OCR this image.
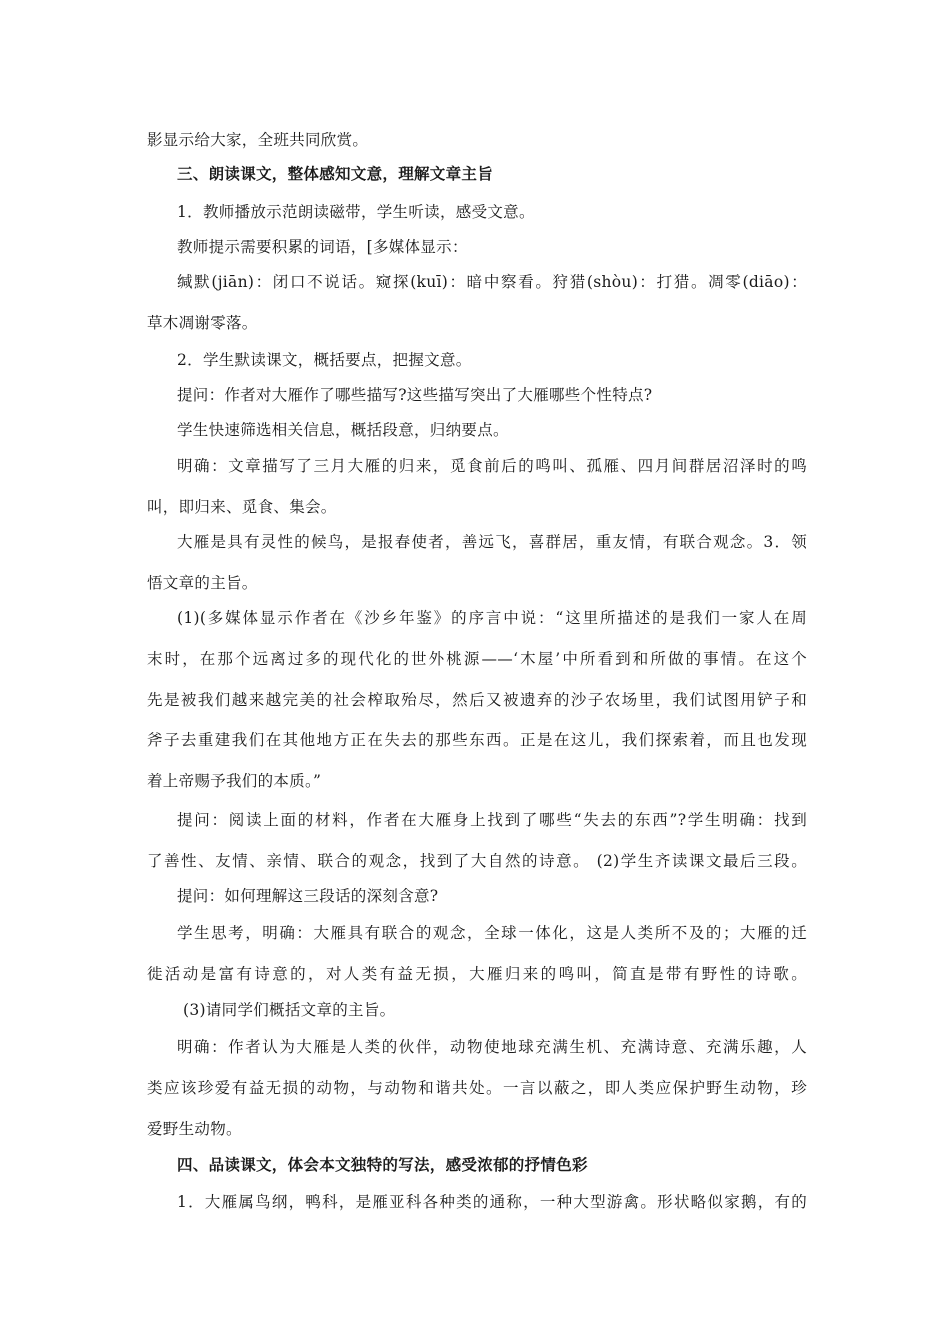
影显示给大家，全班共同欣赏。
三、朗读课文，整体感知文意，理解文章主旨
1．教师播放示范朗读磁带，学生听读，感受文意。
教师提示需要积累的词语，[多媒体显示：
缄默(jiān)：闭口不说话。窥探(kuī)：暗中察看。狩猎(shòu)：打猎。凋零(diāo)：
草木凋谢零落。
2．学生默读课文，概括要点，把握文意。
提问：作者对大雁作了哪些描写?这些描写突出了大雁哪些个性特点?
学生快速筛选相关信息，概括段意，归纳要点。
明确：文章描写了三月大雁的归来，觅食前后的鸣叫、孤雁、四月间群居沼泽时的鸣
叫，即归来、觅食、集会。
大雁是具有灵性的候鸟，是报春使者，善远飞，喜群居，重友情，有联合观念。3．领
悟文章的主旨。
(1)(多媒体显示作者在《沙乡年鉴》的序言中说：“这里所描述的是我们一家人在周
末时，在那个远离过多的现代化的世外桃源——‘木屋’中所看到和所做的事情。在这个
先是被我们越来越完美的社会榨取殆尽，然后又被遗弃的沙子农场里，我们试图用铲子和
斧子去重建我们在其他地方正在失去的那些东西。正是在这儿，我们探索着，而且也发现
着上帝赐予我们的本质。”
提问：阅读上面的材料，作者在大雁身上找到了哪些“失去的东西”?学生明确：找到
了善性、友情、亲情、联合的观念，找到了大自然的诗意。 (2)学生齐读课文最后三段。
提问：如何理解这三段话的深刻含意?
学生思考，明确：大雁具有联合的观念，全球一体化，这是人类所不及的；大雁的迁
徙活动是富有诗意的，对人类有益无损，大雁归来的鸣叫，简直是带有野性的诗歌。
(3)请同学们概括文章的主旨。
明确：作者认为大雁是人类的伙伴，动物使地球充满生机、充满诗意、充满乐趣，人
类应该珍爱有益无损的动物，与动物和谐共处。一言以蔽之，即人类应保护野生动物，珍
爱野生动物。
四、品读课文，体会本文独特的写法，感受浓郁的抒情色彩
1．大雁属鸟纲，鸭科，是雁亚科各种类的通称，一种大型游禽。形状略似家鹅，有的
